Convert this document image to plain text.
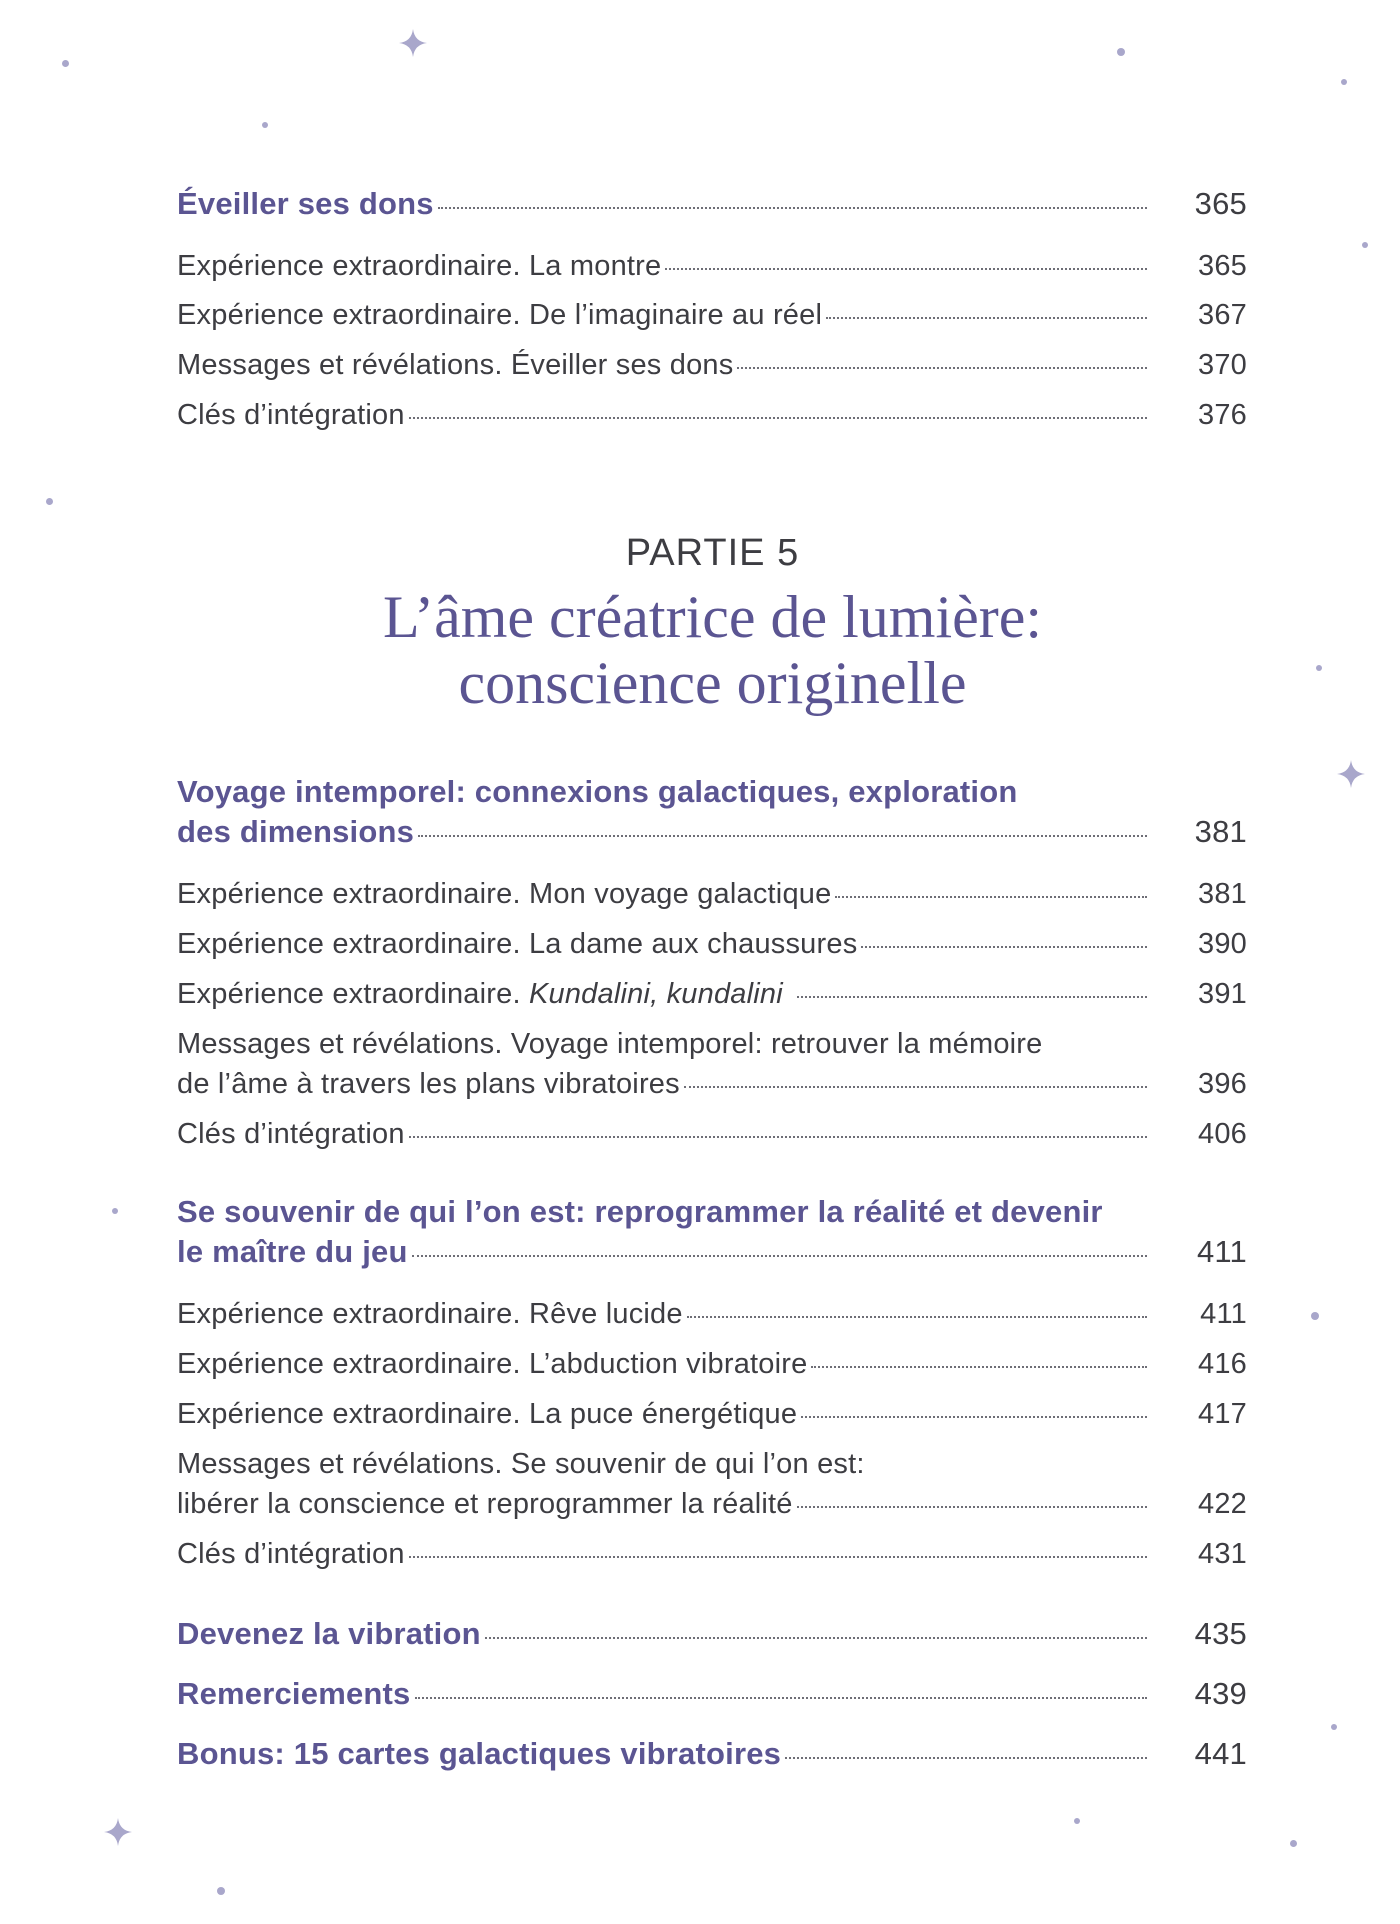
Éveiller ses dons	365
Expérience extraordinaire. La montre	365
Expérience extraordinaire. De l’imaginaire au réel	367
Messages et révélations. Éveiller ses dons	370
Clés d’intégration	376
PARTIE 5
L’âme créatrice de lumière:
conscience originelle
Voyage intemporel: connexions galactiques, exploration
des dimensions	381
Expérience extraordinaire. Mon voyage galactique	381
Expérience extraordinaire. La dame aux chaussures	390
Expérience extraordinaire. Kundalini, kundalini	391
Messages et révélations. Voyage intemporel: retrouver la mémoire
de l’âme à travers les plans vibratoires	396
Clés d’intégration	406
Se souvenir de qui l’on est: reprogrammer la réalité et devenir
le maître du jeu	411
Expérience extraordinaire. Rêve lucide	411
Expérience extraordinaire. L’abduction vibratoire	416
Expérience extraordinaire. La puce énergétique	417
Messages et révélations. Se souvenir de qui l’on est:
libérer la conscience et reprogrammer la réalité	422
Clés d’intégration	431
Devenez la vibration	435
Remerciements	439
Bonus: 15 cartes galactiques vibratoires	441
